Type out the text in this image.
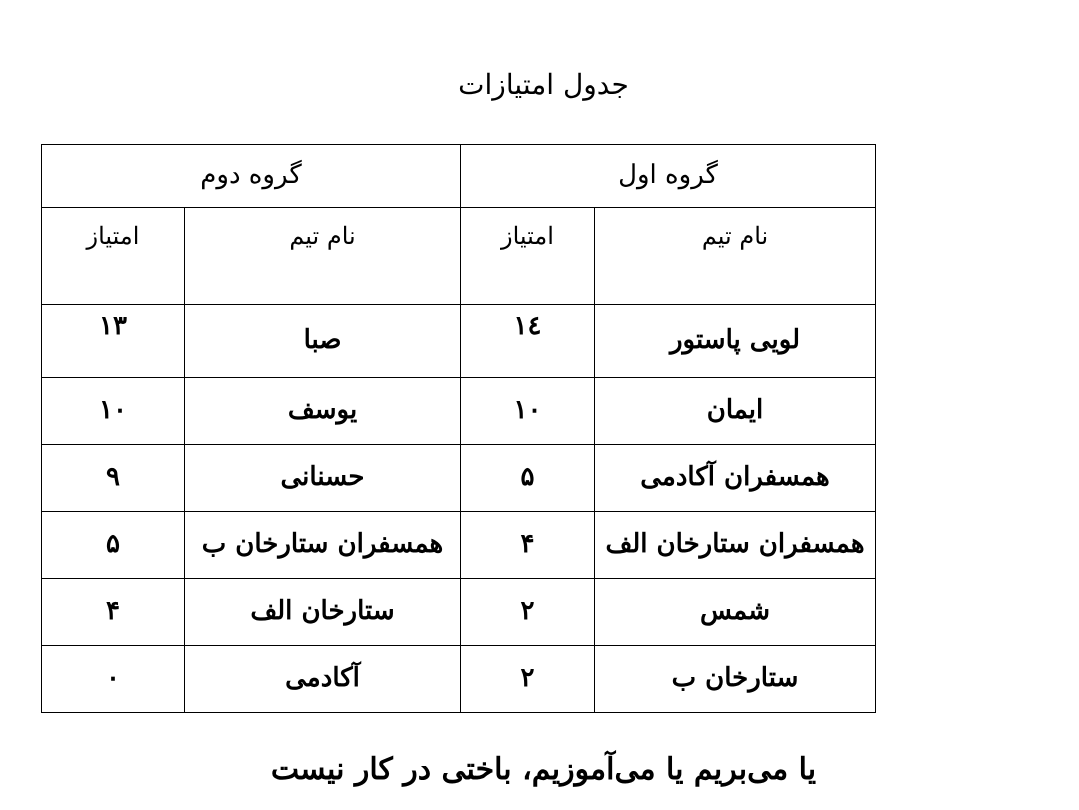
جدول امتیازات
گروه اول		گروه دوم	
نام تیم	امتیاز	نام تیم	امتیاز
لویی پاستور	۱٤	صبا	۱۳
ایمان	۱۰	یوسف	۱۰
همسفران آکادمی	۵	حسنانی	۹
همسفران ستارخان الف	۴	همسفران ستارخان ب	۵
شمس	۲	ستارخان الف	۴
ستارخان ب	۲	آکادمی	۰
یا می‌بریم یا می‌آموزیم، باختی در کار نیست
